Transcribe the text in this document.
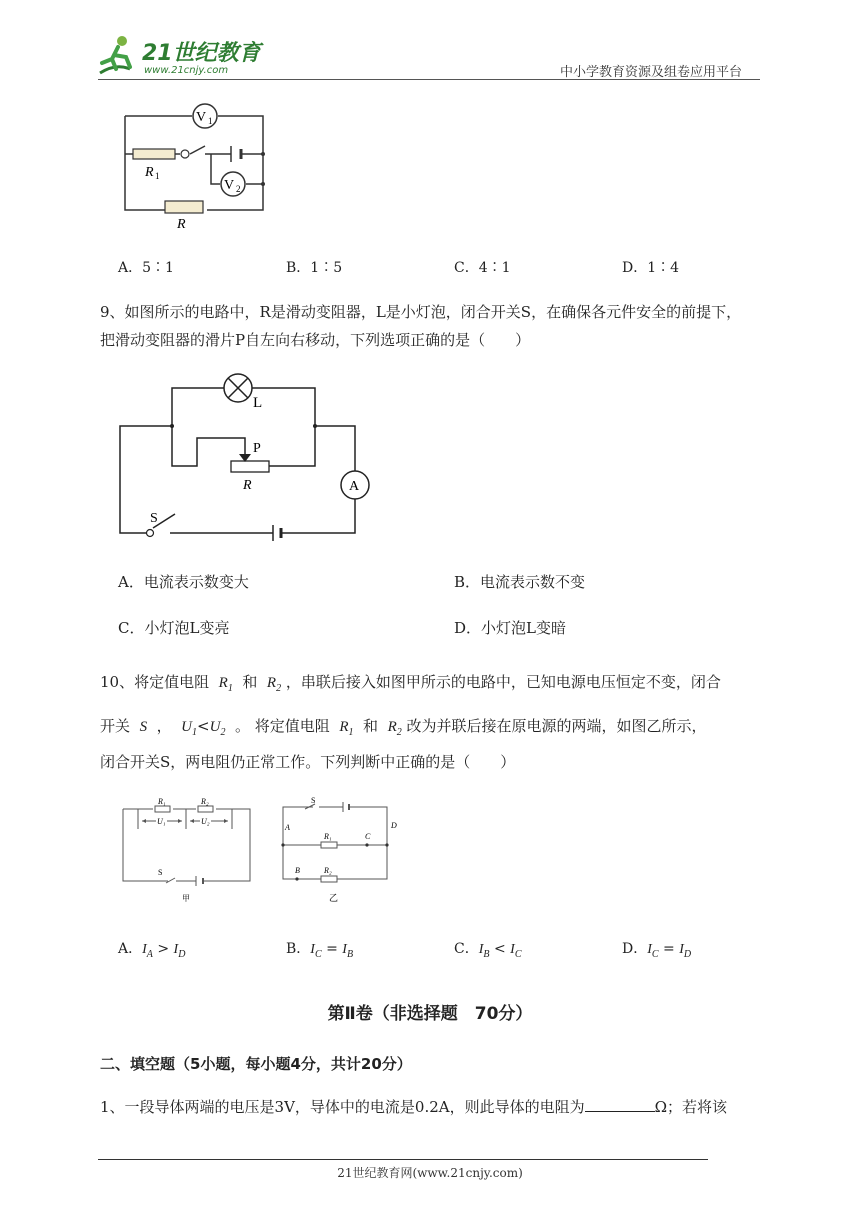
21世纪教育
www.21cnjy.com	中小学教育资源及组卷应用平台
V 1
V 2
R 1
R
A．5∶1	B．1∶5	C．4∶1	D．1∶4
9、如图所示的电路中，R是滑动变阻器，L是小灯泡，闭合开关S，在确保各元件安全的前提下，
把滑动变阻器的滑片P自左向右移动，下列选项正确的是（　　）
L
P
R	A
S
A．电流表示数变大	B．电流表示数不变
C．小灯泡L变亮	D．小灯泡L变暗
10、将定值电阻 $R_1$ 和 $R_2$ ，串联后接入如图甲所示的电路中，已知电源电压恒定不变，闭合
开关 S ， $U_1<U_2$ 。 将定值电阻 $R_1$ 和 $R_2$ 改为并联后接在原电源的两端，如图乙所示，
闭合开关S，两电阻仍正常工作。下列判断中正确的是（　　）
R₁	R₂
U₁	U₂
S
甲
S
A	D
R₁	C
B	R₂
乙
A．$I_A > I_D$	B．$I_C = I_B$	C．$I_B < I_C$	D．$I_C = I_D$
第Ⅱ卷（非选择题　70分）
二、填空题（5小题，每小题4分，共计20分）
1、一段导体两端的电压是3V，导体中的电流是0.2A，则此导体的电阻为	Ω；若将该
21世纪教育网(www.21cnjy.com)
